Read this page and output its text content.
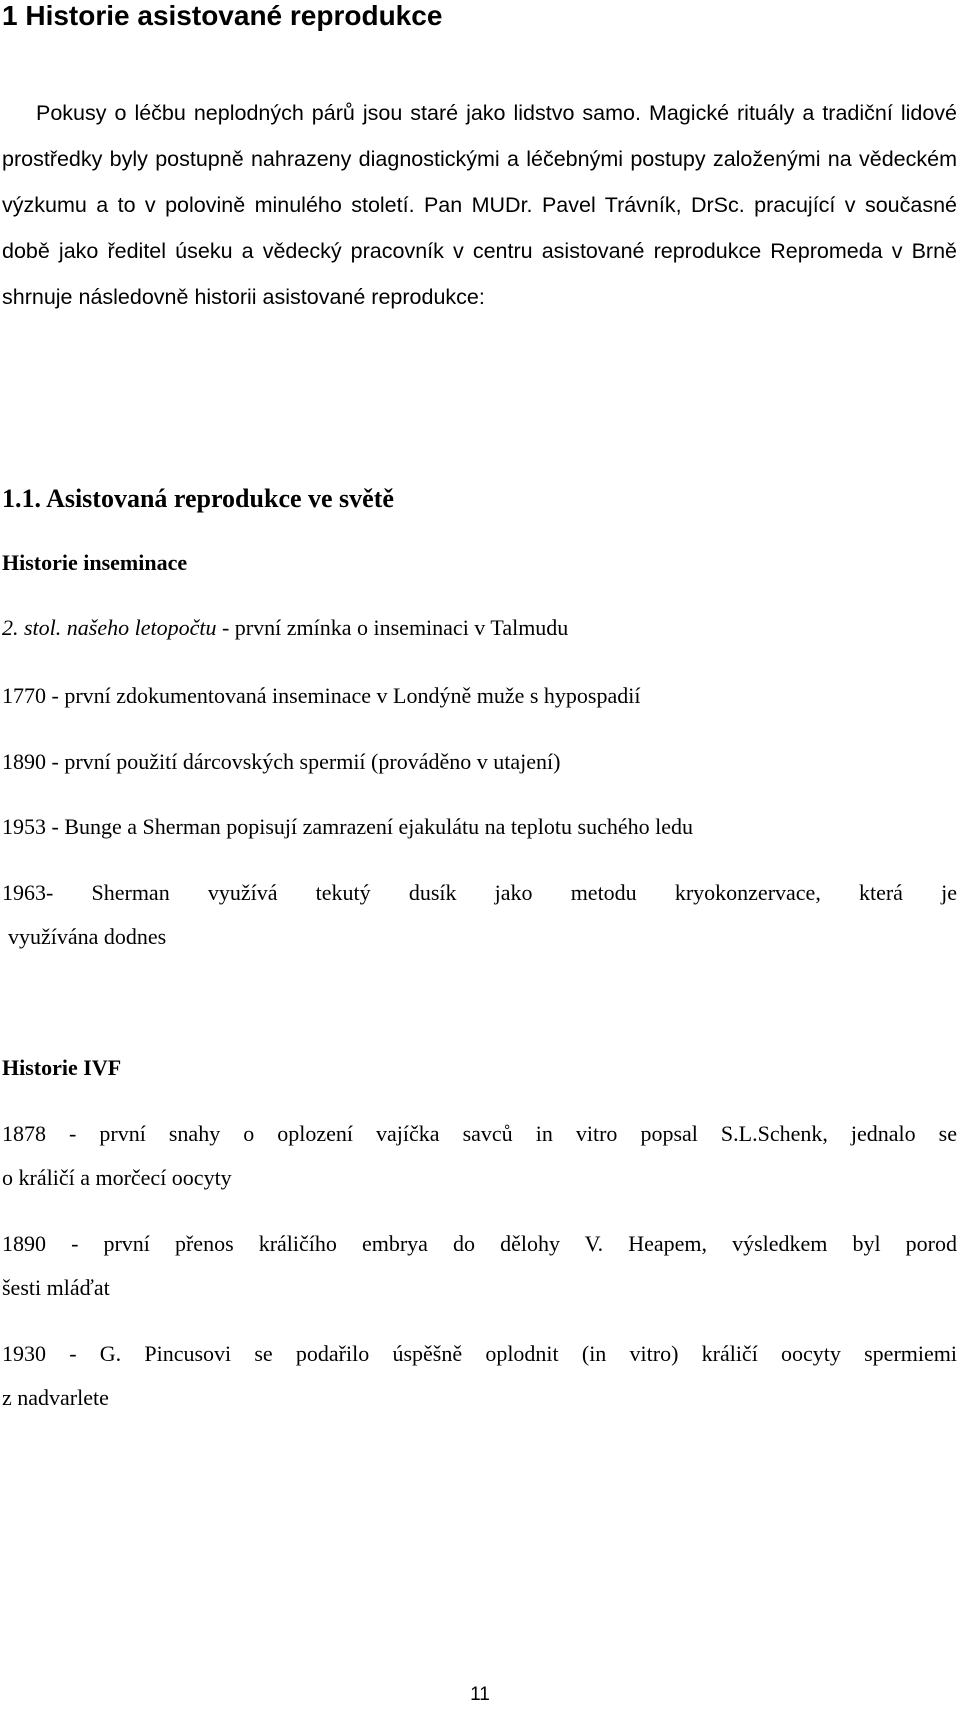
1 Historie asistované reprodukce

Pokusy o léčbu neplodných párů jsou staré jako lidstvo samo. Magické rituály a tradiční lidové prostředky byly postupně nahrazeny diagnostickými a léčebnými postupy založenými na vědeckém výzkumu a to v polovině minulého století. Pan MUDr. Pavel Trávník, DrSc. pracující v současné době jako ředitel úseku a vědecký pracovník v centru asistované reprodukce Repromeda v Brně shrnuje následovně historii asistované reprodukce:

1.1. Asistovaná reprodukce ve světě
Historie inseminace

2. stol. našeho letopočtu - první zmínka o inseminaci v Talmudu

1770 - první zdokumentovaná inseminace v Londýně muže s hypospadií

1890 - první použití dárcovských spermií (prováděno v utajení)

1953 - Bunge a Sherman popisují zamrazení ejakulátu na teplotu suchého ledu

1963- Sherman využívá tekutý dusík jako metodu kryokonzervace, která je
využívána dodnes

Historie IVF

1878 - první snahy o oplození vajíčka savců in vitro popsal S.L.Schenk, jednalo se
o králičí a morčecí oocyty

1890 - první přenos králičího embrya do dělohy V. Heapem, výsledkem byl porod
šesti mláďat

1930 - G. Pincusovi se podařilo úspěšně oplodnit (in vitro) králičí oocyty spermiemi
z nadvarlete

11
